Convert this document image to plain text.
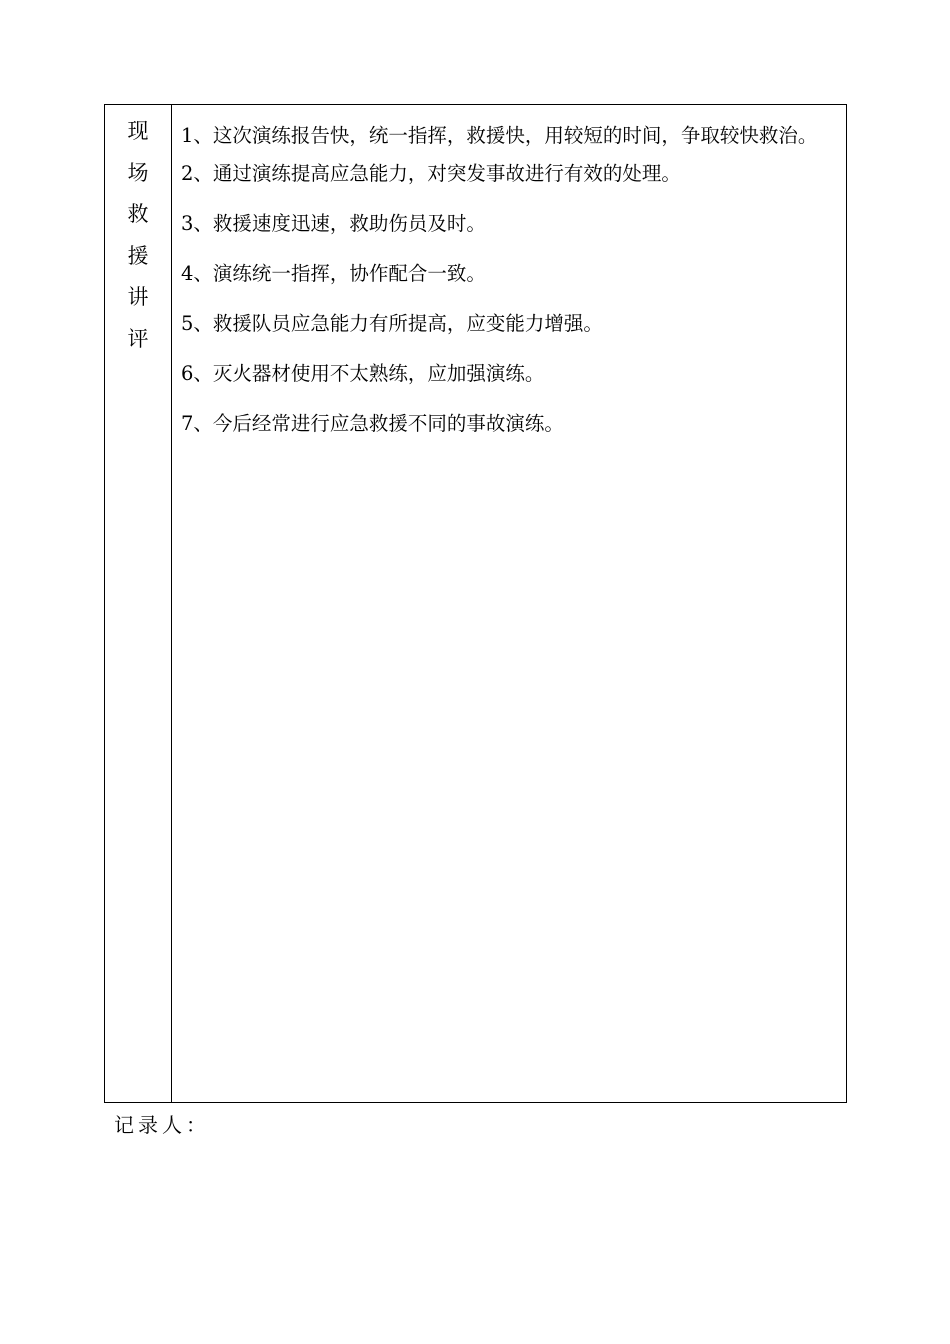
现
场
救
援
讲
评

1、这次演练报告快，统一指挥，救援快，用较短的时间，争取较快救治。

2、通过演练提高应急能力，对突发事故进行有效的处理。

3、救援速度迅速，救助伤员及时。

4、演练统一指挥，协作配合一致。

5、救援队员应急能力有所提高，应变能力增强。

6、灭火器材使用不太熟练，应加强演练。

7、今后经常进行应急救援不同的事故演练。

记录人：
